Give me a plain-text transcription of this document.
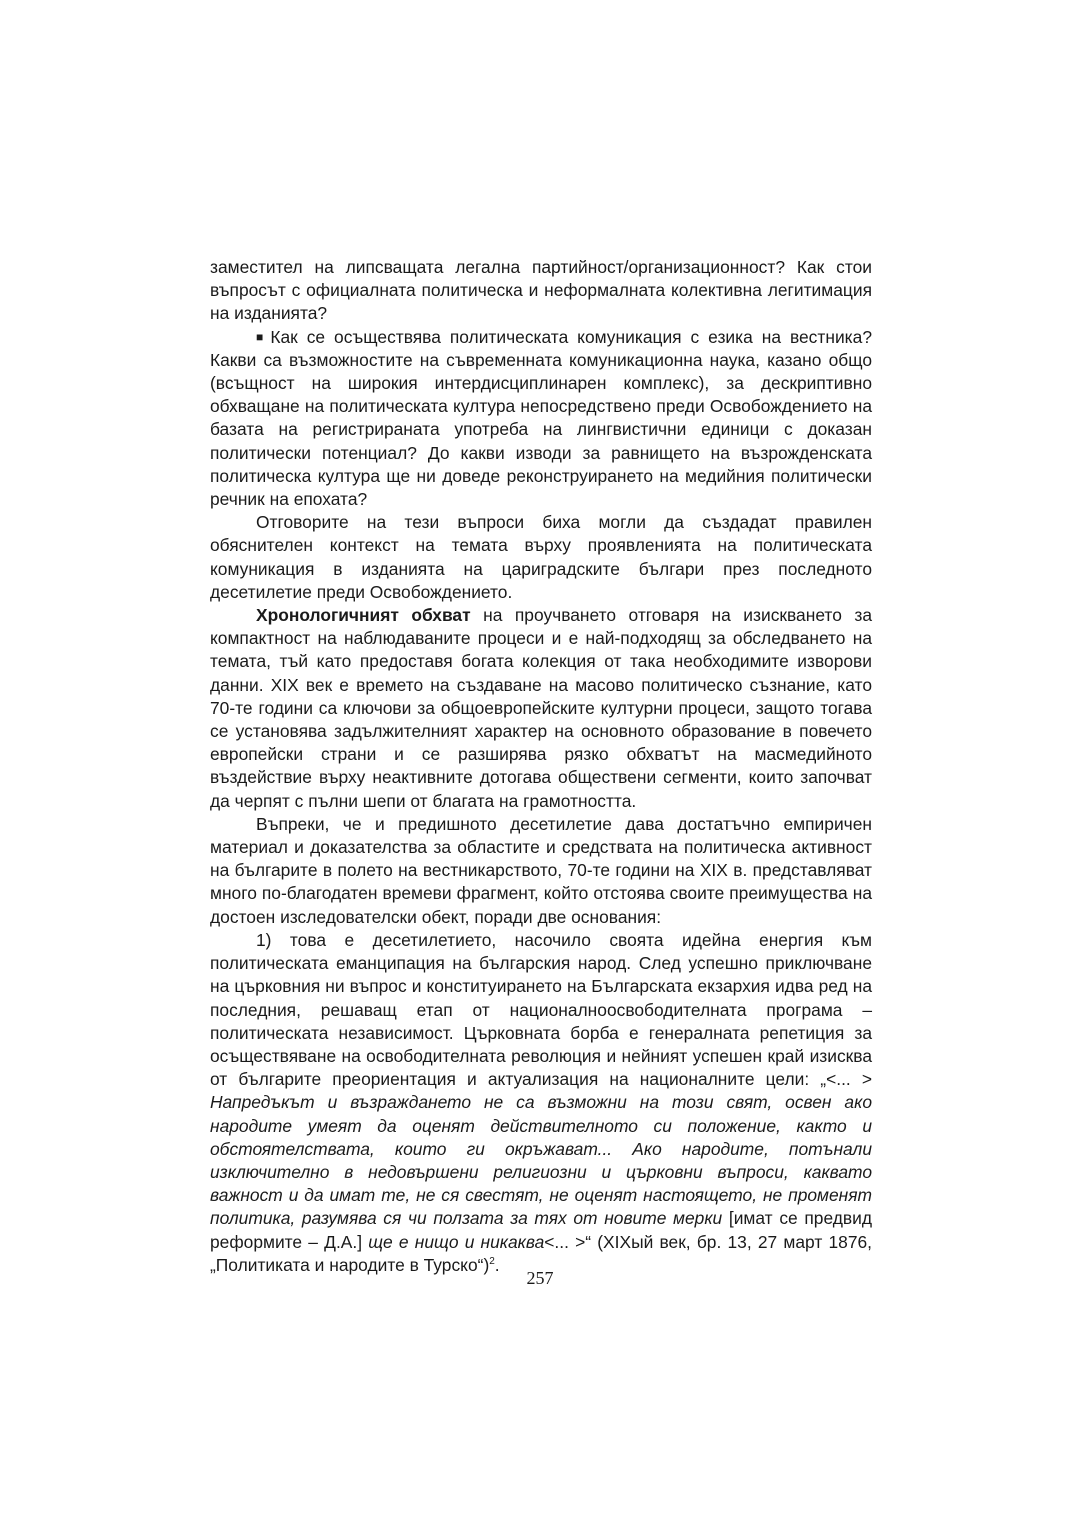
заместител на липсващата легална партийност/организационност? Как стои въпросът с официалната политическа и неформалната колективна легитимация на изданията?

■ Как се осъществява политическата комуникация с езика на вестника? Какви са възможностите на съвременната комуникационна наука, казано общо (всъщност на широкия интердисциплинарен комплекс), за дескриптивно обхващане на политическата култура непосредствено преди Освобождението на базата на регистрираната употреба на лингвистични единици с доказан политически потенциал? До какви изводи за равнището на възрожденската политическа култура ще ни доведе реконструирането на медийния политически речник на епохата?

Отговорите на тези въпроси биха могли да създадат правилен обяснителен контекст на темата върху проявленията на политическата комуникация в изданията на цариградските българи през последното десетилетие преди Освобождението.

Хронологичният обхват на проучването отговаря на изискването за компактност на наблюдаваните процеси и е най-подходящ за обследването на темата, тъй като предоставя богата колекция от така необходимите изворови данни. XIX век е времето на създаване на масово политическо съзнание, като 70-те години са ключови за общоевропейските културни процеси, защото тогава се установява задължителният характер на основното образование в повечето европейски страни и се разширява рязко обхватът на масмедийното въздействие върху неактивните дотогава обществени сегменти, които започват да черпят с пълни шепи от благата на грамотността.

Въпреки, че и предишното десетилетие дава достатъчно емпиричен материал и доказателства за областите и средствата на политическа активност на българите в полето на вестникарството, 70-те години на XIX в. представляват много по-благодатен времеви фрагмент, който отстоява своите преимущества на достоен изследователски обект, поради две основания:

1) това е десетилетието, насочило своята идейна енергия към политическата еманципация на българския народ. След успешно приключване на църковния ни въпрос и конституирането на Българската екзархия идва ред на последния, решаващ етап от националноосвободителната програма – политическата независимост. Църковната борба е генералната репетиция за осъществяване на освободителната революция и нейният успешен край изисква от българите преориентация и актуализация на националните цели: „<... > Напредъкът и възраждането не са възможни на този свят, освен ако народите умеят да оценят действителното си положение, както и обстоятелствата, които ги окръжават... Ако народите, потънали изключително в недовършени религиозни и църковни въпроси, каквато важност и да имат те, не ся свестят, не оценят настоящето, не променят политика, разумява ся чи ползата за тях от новите мерки [имат се предвид реформите – Д.А.] ще е нищо и никаква<... >“ (XIXый век, бр. 13, 27 март 1876, „Политиката и народите в Турско“)$^2$.

257
